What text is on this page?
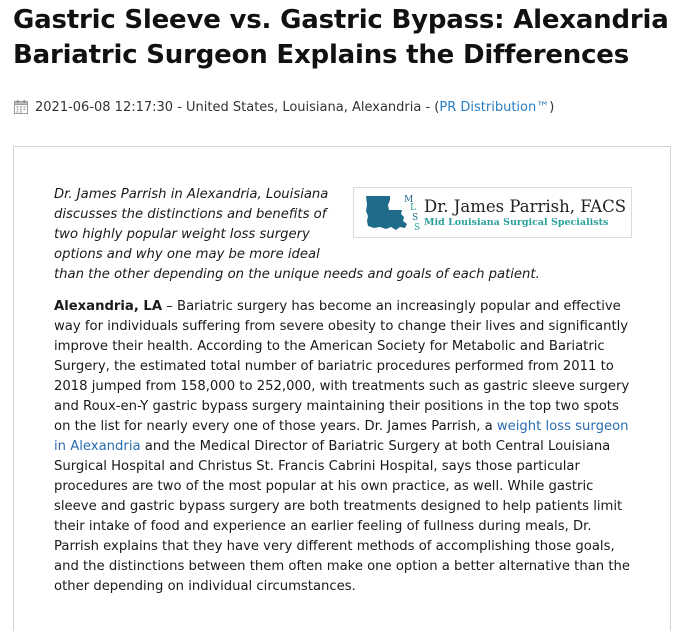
Gastric Sleeve vs. Gastric Bypass: Alexandria Bariatric Surgeon Explains the Differences
2021-06-08 12:17:30 - United States, Louisiana, Alexandria - ( PR Distribution™ )
M
L
S
S
Dr. James Parrish, FACS
Mid Louisiana Surgical Specialists

Dr. James Parrish in Alexandria, Louisiana discusses the distinctions and benefits of two highly popular weight loss surgery options and why one may be more ideal than the other depending on the unique needs and goals of each patient.

Alexandria, LA – Bariatric surgery has become an increasingly popular and effective way for individuals suffering from severe obesity to change their lives and significantly improve their health. According to the American Society for Metabolic and Bariatric Surgery, the estimated total number of bariatric procedures performed from 2011 to 2018 jumped from 158,000 to 252,000, with treatments such as gastric sleeve surgery and Roux-en-Y gastric bypass surgery maintaining their positions in the top two spots on the list for nearly every one of those years. Dr. James Parrish, a weight loss surgeon in Alexandria and the Medical Director of Bariatric Surgery at both Central Louisiana Surgical Hospital and Christus St. Francis Cabrini Hospital, says those particular procedures are two of the most popular at his own practice, as well. While gastric sleeve and gastric bypass surgery are both treatments designed to help patients limit their intake of food and experience an earlier feeling of fullness during meals, Dr. Parrish explains that they have very different methods of accomplishing those goals, and the distinctions between them often make one option a better alternative than the other depending on individual circumstances.
